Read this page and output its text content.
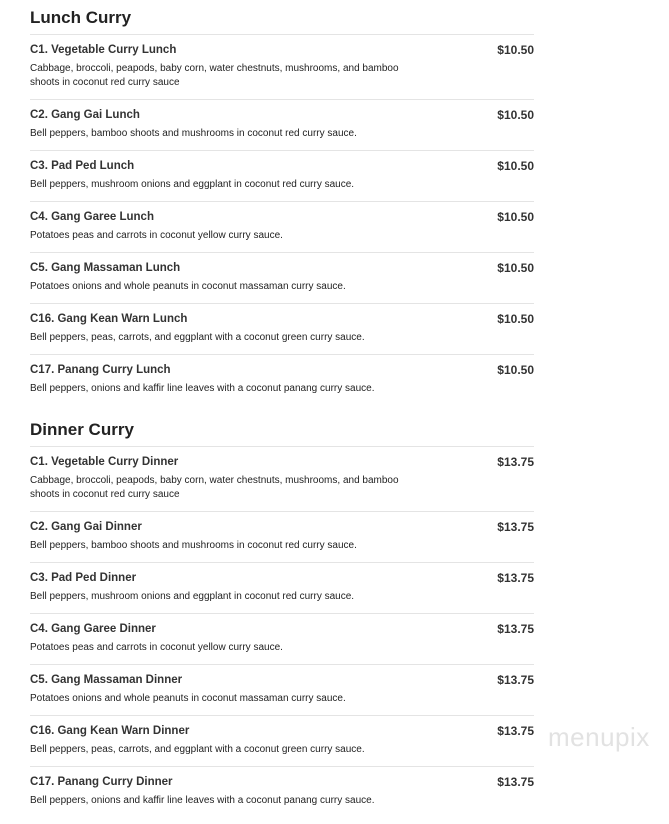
Lunch Curry
C1. Vegetable Curry Lunch	$10.50
Cabbage, broccoli, peapods, baby corn, water chestnuts, mushrooms, and bamboo shoots in coconut red curry sauce
C2. Gang Gai Lunch	$10.50
Bell peppers, bamboo shoots and mushrooms in coconut red curry sauce.
C3. Pad Ped Lunch	$10.50
Bell peppers, mushroom onions and eggplant in coconut red curry sauce.
C4. Gang Garee Lunch	$10.50
Potatoes peas and carrots in coconut yellow curry sauce.
C5. Gang Massaman Lunch	$10.50
Potatoes onions and whole peanuts in coconut massaman curry sauce.
C16. Gang Kean Warn Lunch	$10.50
Bell peppers, peas, carrots, and eggplant with a coconut green curry sauce.
C17. Panang Curry Lunch	$10.50
Bell peppers, onions and kaffir line leaves with a coconut panang curry sauce.
Dinner Curry
C1. Vegetable Curry Dinner	$13.75
Cabbage, broccoli, peapods, baby corn, water chestnuts, mushrooms, and bamboo shoots in coconut red curry sauce
C2. Gang Gai Dinner	$13.75
Bell peppers, bamboo shoots and mushrooms in coconut red curry sauce.
C3. Pad Ped Dinner	$13.75
Bell peppers, mushroom onions and eggplant in coconut red curry sauce.
C4. Gang Garee Dinner	$13.75
Potatoes peas and carrots in coconut yellow curry sauce.
C5. Gang Massaman Dinner	$13.75
Potatoes onions and whole peanuts in coconut massaman curry sauce.
C16. Gang Kean Warn Dinner	$13.75
Bell peppers, peas, carrots, and eggplant with a coconut green curry sauce.
C17. Panang Curry Dinner	$13.75
Bell peppers, onions and kaffir line leaves with a coconut panang curry sauce.
menupix
